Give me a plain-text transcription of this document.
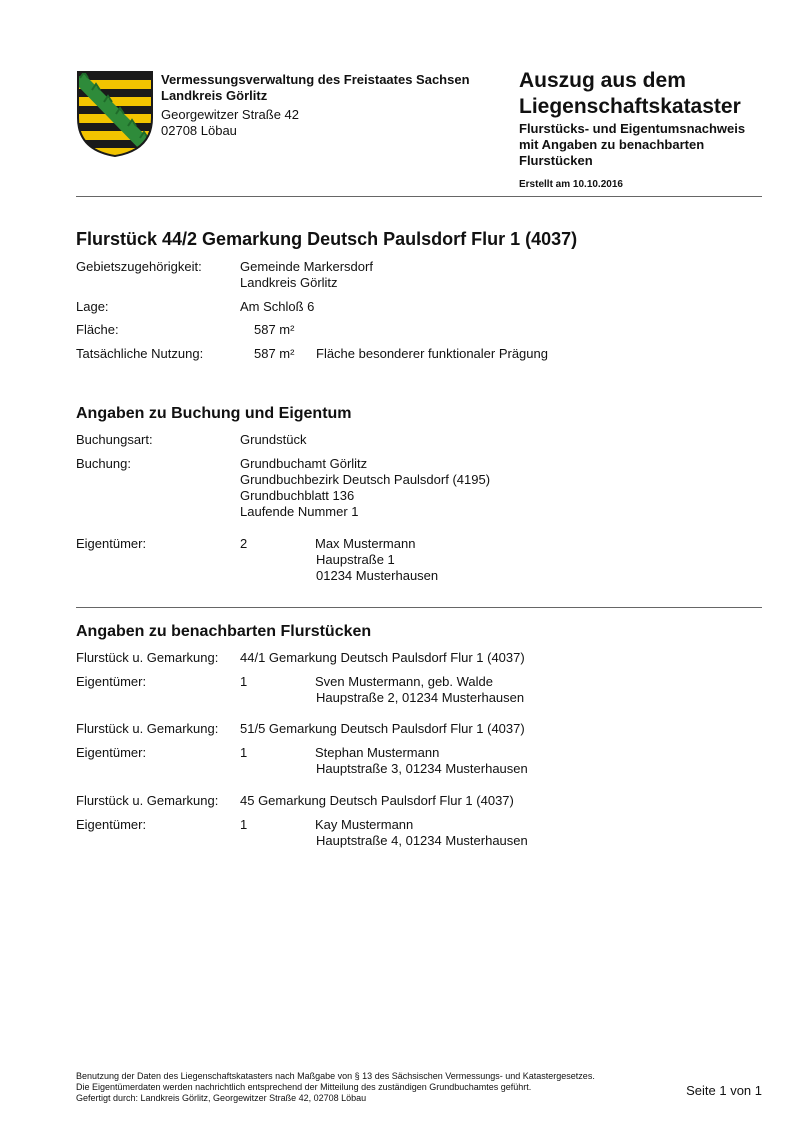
Vermessungsverwaltung des Freistaates Sachsen
Landkreis Görlitz
Georgewitzer Straße 42
02708 Löbau
Auszug aus dem
Liegenschaftskataster
Flurstücks- und Eigentumsnachweis
mit Angaben zu benachbarten
Flurstücken
Erstellt am 10.10.2016
Flurstück 44/2 Gemarkung Deutsch Paulsdorf Flur 1 (4037)
Gebietszugehörigkeit:	Gemeinde Markersdorf
Landkreis Görlitz
Lage:	Am Schloß 6
Fläche:	587 m²
Tatsächliche Nutzung:	587 m² Fläche besonderer funktionaler Prägung
Angaben zu Buchung und Eigentum
Buchungsart:	Grundstück
Buchung:	Grundbuchamt Görlitz
Grundbuchbezirk Deutsch Paulsdorf (4195)
Grundbuchblatt 136
Laufende Nummer 1
Eigentümer:	2	Max Mustermann
Haupstraße 1
01234 Musterhausen
Angaben zu benachbarten Flurstücken
Flurstück u. Gemarkung: 44/1 Gemarkung Deutsch Paulsdorf Flur 1 (4037)
Eigentümer:	1	Sven Mustermann, geb. Walde
Haupstraße 2, 01234 Musterhausen
Flurstück u. Gemarkung: 51/5 Gemarkung Deutsch Paulsdorf Flur 1 (4037)
Eigentümer:	1	Stephan Mustermann
Hauptstraße 3, 01234 Musterhausen
Flurstück u. Gemarkung: 45 Gemarkung Deutsch Paulsdorf Flur 1 (4037)
Eigentümer:	1	Kay Mustermann
Hauptstraße 4, 01234 Musterhausen
Benutzung der Daten des Liegenschaftskatasters nach Maßgabe von § 13 des Sächsischen Vermessungs- und Katastergesetzes.
Die Eigentümerdaten werden nachrichtlich entsprechend der Mitteilung des zuständigen Grundbuchamtes geführt.
Gefertigt durch: Landkreis Görlitz, Georgewitzer Straße 42, 02708 Löbau	Seite 1 von 1
